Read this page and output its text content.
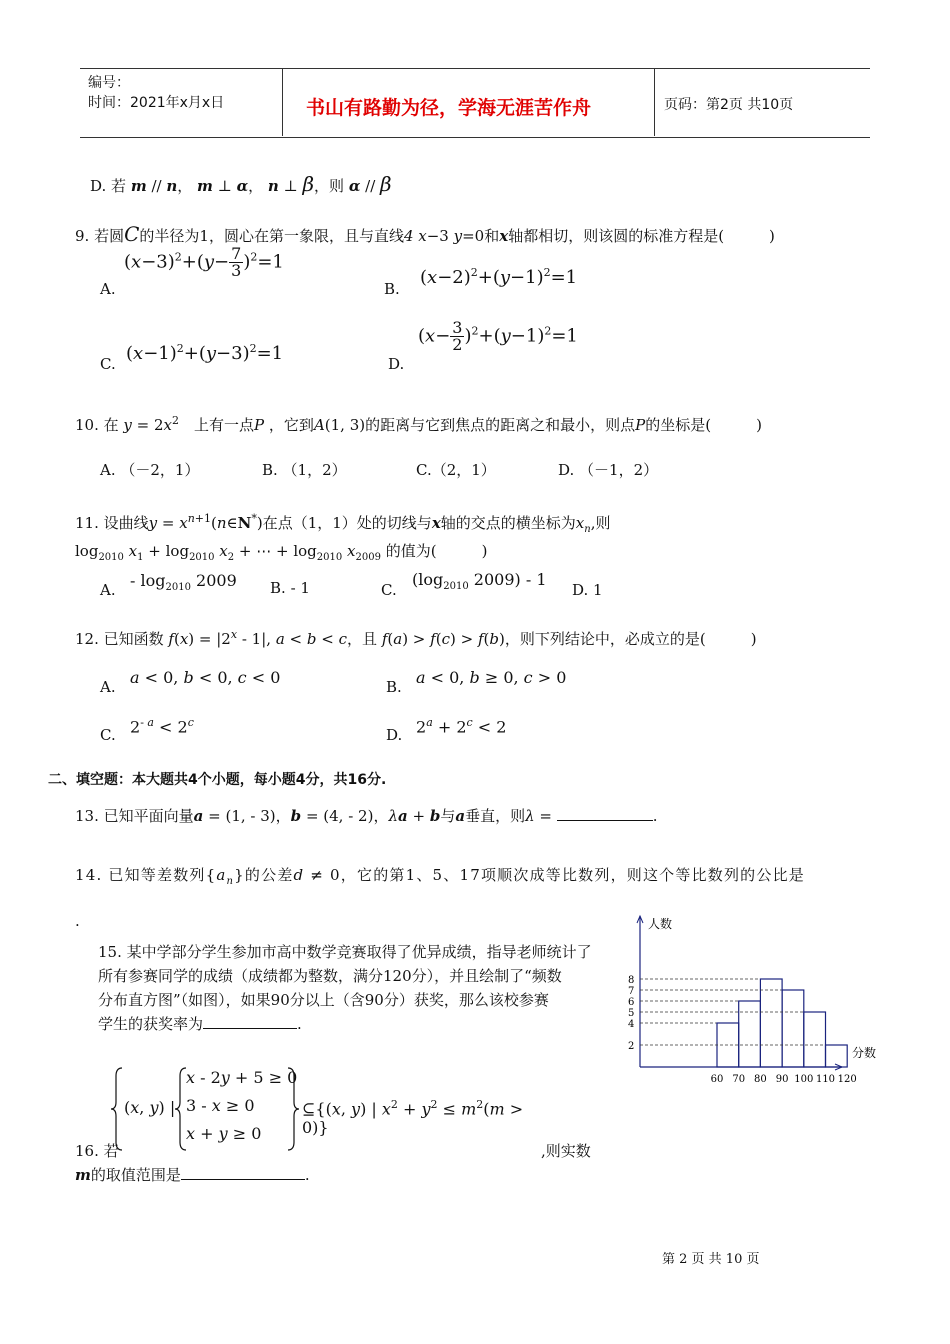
编号：
时间：2021年x月x日	书山有路勤为径，学海无涯苦作舟	页码：第2页 共10页
D. 若 m // n， m ⊥ α， n ⊥ β，则 α // β
9. 若圆C的半径为1，圆心在第一象限，且与直线4 x−3 y=0和x轴都相切，则该圆的标准方程是(　　　)
A.
$(x-3)^2+(y- \frac{7}{3} )^2=1$
B.
$(x-2)^2+(y-1)^2=1$
C. $(x-1)^2+(y-3)^2=1$	D.
$(x- \frac{3}{2} )^2+(y-1)^2=1$
10. 在 $y = 2x^2$　 上有一点P ，它到A(1, 3)的距离与它到焦点的距离之和最小，则点P的坐标是(　　　)
A. （－2，1）	B. （1，2）	C.（2，1）	D. （－1，2）
11. 设曲线$y = x^{n+1}(n\in N^*)$在点（1，1）处的切线与x轴的交点的横坐标为$x_n$,则
$\log_{2010} x_1 + \log_{2010} x_2$ + ⋯ + $\log_{2010} x_{2009}$ 的值为(　　　)
A. - $\log_{2010} 2009$ B. - 1	C.
($\log_{2010}$ 2009) - 1
D. 1
12. 已知函数 $f(x) = |2^x - 1|$, a < b < c，且 f(a) > f(c) > f(b)，则下列结论中，必成立的是(　　　)
A. a < 0, b < 0, c < 0	B. a < 0, b ≥ 0, c > 0
C. $2^{- a} < 2^c$
D. $2^a + 2^c < 2$
二、填空题：本大题共4个小题，每小题4分，共16分.
13. 已知平面向量a = (1, - 3)，b = (4, - 2)，λa + b与a垂直，则λ =	.
14. 已知等差数列$\{a_n\}$的公差d ≠ 0，它的第1、5、17项顺次成等比数列，则这个等比数列的公比是
.
15. 某中学部分学生参加市高中数学竞赛取得了优异成绩，指导老师统计了
所有参赛同学的成绩（成绩都为整数，满分120分），并且绘制了“频数
分布直方图”（如图），如果90分以上（含90分）获奖，那么该校参赛
学生的获奖率为	.
人数
分数
2
4
5
6
7
8
60 70 80 90 100 110 120
(x, y) |
x - 2y + 5 ≥ 0
3 - x ≥ 0
x + y ≥ 0
⊆{(x, y) | $x^2 + y^2 \le m^2(m > 0)$}
16. 若	,则实数
m的取值范围是	.
第 2 页 共 10 页
